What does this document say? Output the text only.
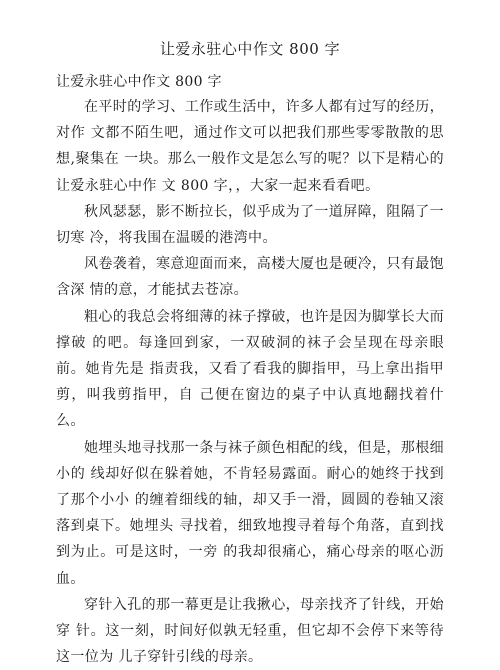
让爱永驻心中作文 800 字
让爱永驻心中作文 800 字

在平时的学习、工作或生活中，许多人都有过写的经历，对作 文都不陌生吧，通过作文可以把我们那些零零散散的思想,聚集在 一块。那么一般作文是怎么写的呢？以下是精心的让爱永驻心中作 文 800 字，，大家一起来看看吧。

秋风瑟瑟，影不断拉长，似乎成为了一道屏障，阻隔了一切寒 冷，将我围在温暖的港湾中。

风卷袭着，寒意迎面而来，高楼大厦也是硬冷，只有最饱含深 情的意，才能拭去苍凉。

粗心的我总会将细薄的袜子撑破，也许是因为脚掌长大而撑破 的吧。每逢回到家，一双破洞的袜子会呈现在母亲眼前。她肯先是 指责我，又看了看我的脚指甲，马上拿出指甲剪，叫我剪指甲，自 己便在窗边的桌子中认真地翻找着什么。

她埋头地寻找那一条与袜子颜色相配的线，但是，那根细小的 线却好似在躲着她，不肯轻易露面。耐心的她终于找到了那个小小 的缠着细线的轴，却又手一滑，圆圆的卷轴又滚落到桌下。她埋头 寻找着，细致地搜寻着每个角落，直到找到为止。可是这时，一旁 的我却很痛心，痛心母亲的呕心沥血。

穿针入孔的那一幕更是让我揪心，母亲找齐了针线，开始穿 针。这一刻，时间好似孰无轻重，但它却不会停下来等待这一位为 儿子穿针引线的母亲。
